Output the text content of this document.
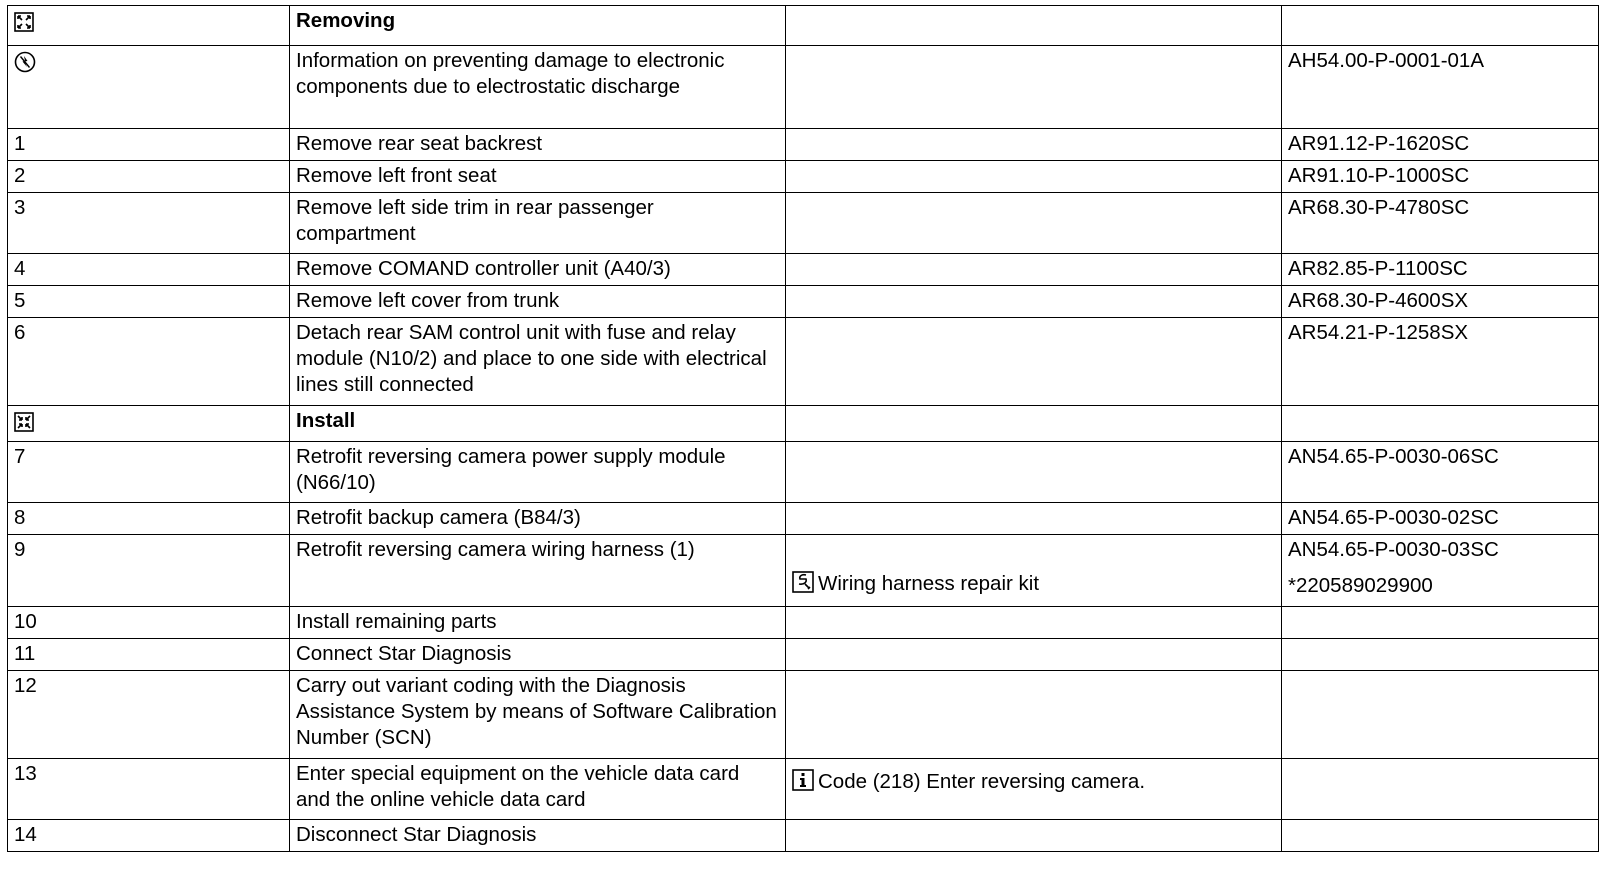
	Removing		
	Information on preventing damage to electronic components due to electrostatic discharge		AH54.00-P-0001-01A
1	Remove rear seat backrest		AR91.12-P-1620SC
2	Remove left front seat		AR91.10-P-1000SC
3	Remove left side trim in rear passenger compartment		AR68.30-P-4780SC
4	Remove COMAND controller unit (A40/3)		AR82.85-P-1100SC
5	Remove left cover from trunk		AR68.30-P-4600SX
6	Detach rear SAM control unit with fuse and relay module (N10/2) and place to one side with electrical lines still connected		AR54.21-P-1258SX
	Install		
7	Retrofit reversing camera power supply module (N66/10)		AN54.65-P-0030-06SC
8	Retrofit backup camera (B84/3)		AN54.65-P-0030-02SC
9	Retrofit reversing camera wiring harness (1)	Wiring harness repair kit	AN54.65-P-0030-03SC
*220589029900

10	Install remaining parts		
11	Connect Star Diagnosis		
12	Carry out variant coding with the Diagnosis Assistance System by means of Software Calibration Number (SCN)		
13	Enter special equipment on the vehicle data card and the online vehicle data card	Code (218) Enter reversing camera.	

14	Disconnect Star Diagnosis		
